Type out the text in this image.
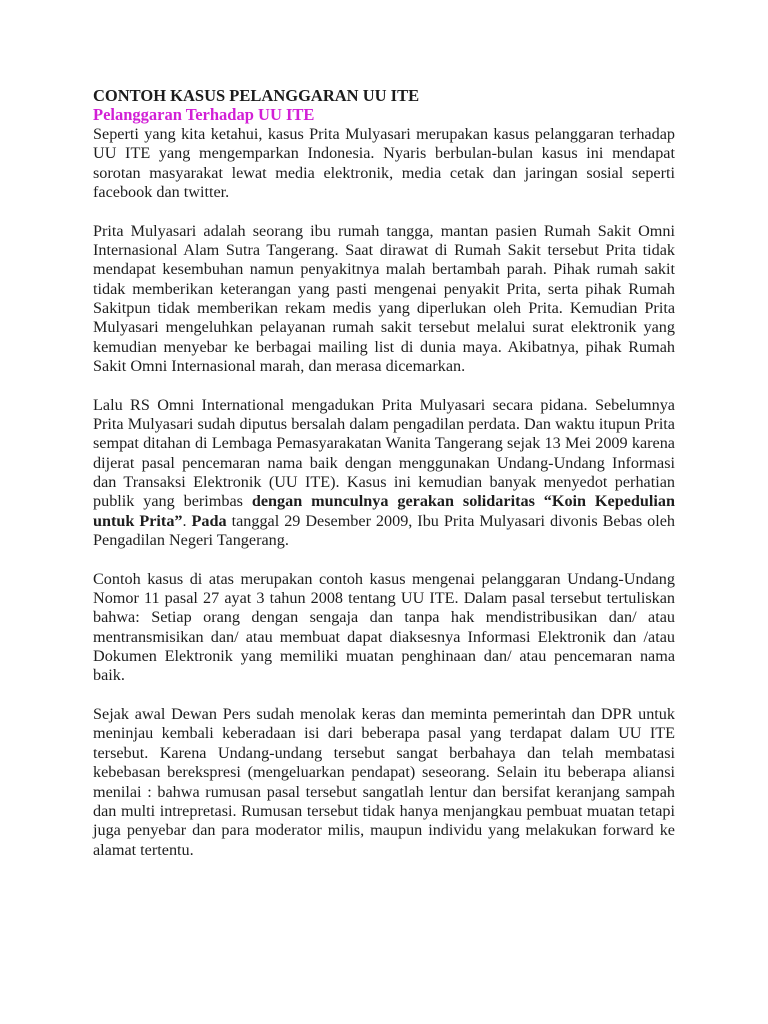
CONTOH KASUS PELANGGARAN UU ITE
Pelanggaran Terhadap UU ITE

Seperti yang kita ketahui, kasus Prita Mulyasari merupakan kasus pelanggaran terhadap UU ITE yang mengemparkan Indonesia. Nyaris berbulan-bulan kasus ini mendapat sorotan masyarakat lewat media elektronik, media cetak dan jaringan sosial seperti facebook dan twitter.

Prita Mulyasari adalah seorang ibu rumah tangga, mantan pasien Rumah Sakit Omni Internasional Alam Sutra Tangerang. Saat dirawat di Rumah Sakit tersebut Prita tidak mendapat kesembuhan namun penyakitnya malah bertambah parah. Pihak rumah sakit tidak memberikan keterangan yang pasti mengenai penyakit Prita, serta pihak Rumah Sakitpun tidak memberikan rekam medis yang diperlukan oleh Prita. Kemudian Prita Mulyasari mengeluhkan pelayanan rumah sakit tersebut melalui surat elektronik yang kemudian menyebar ke berbagai mailing list di dunia maya. Akibatnya, pihak Rumah Sakit Omni Internasional marah, dan merasa dicemarkan.

Lalu RS Omni International mengadukan Prita Mulyasari secara pidana. Sebelumnya Prita Mulyasari sudah diputus bersalah dalam pengadilan perdata. Dan waktu itupun Prita sempat ditahan di Lembaga Pemasyarakatan Wanita Tangerang sejak 13 Mei 2009 karena dijerat pasal pencemaran nama baik dengan menggunakan Undang-Undang Informasi dan Transaksi Elektronik (UU ITE). Kasus ini kemudian banyak menyedot perhatian publik yang berimbas dengan munculnya gerakan solidaritas “Koin Kepedulian untuk Prita”. Pada tanggal 29 Desember 2009, Ibu Prita Mulyasari divonis Bebas oleh Pengadilan Negeri Tangerang.

Contoh kasus di atas merupakan contoh kasus mengenai pelanggaran Undang-Undang Nomor 11 pasal 27 ayat 3 tahun 2008 tentang UU ITE. Dalam pasal tersebut tertuliskan bahwa: Setiap orang dengan sengaja dan tanpa hak mendistribusikan dan/ atau mentransmisikan dan/ atau membuat dapat diaksesnya Informasi Elektronik dan /atau Dokumen Elektronik yang memiliki muatan penghinaan dan/ atau pencemaran nama baik.

Sejak awal Dewan Pers sudah menolak keras dan meminta pemerintah dan DPR untuk meninjau kembali keberadaan isi dari beberapa pasal yang terdapat dalam UU ITE tersebut. Karena Undang-undang tersebut sangat berbahaya dan telah membatasi kebebasan berekspresi (mengeluarkan pendapat) seseorang. Selain itu beberapa aliansi menilai : bahwa rumusan pasal tersebut sangatlah lentur dan bersifat keranjang sampah dan multi intrepretasi. Rumusan tersebut tidak hanya menjangkau pembuat muatan tetapi juga penyebar dan para moderator milis, maupun individu yang melakukan forward ke alamat tertentu.
